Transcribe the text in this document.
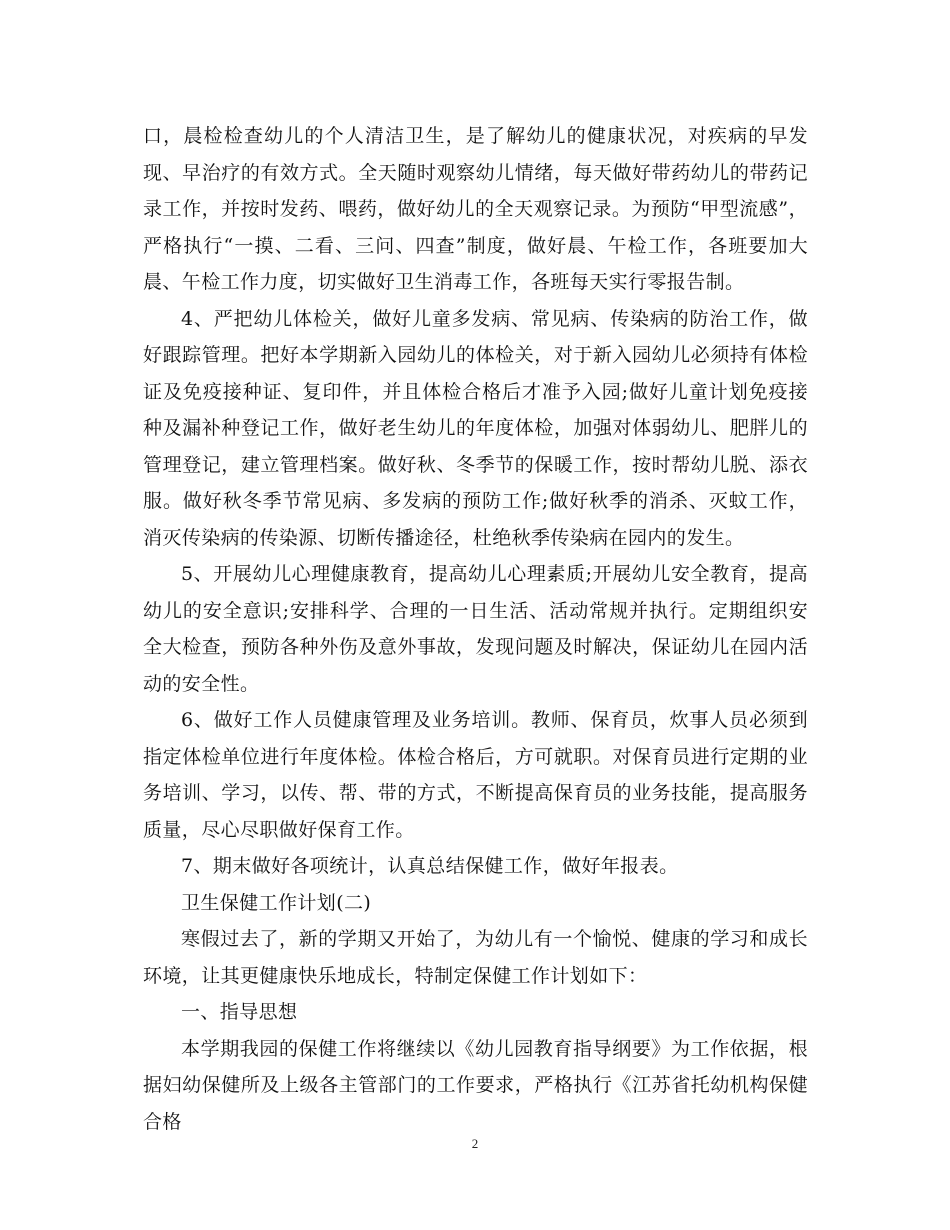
口，晨检检查幼儿的个人清洁卫生，是了解幼儿的健康状况，对疾病的早发现、早治疗的有效方式。全天随时观察幼儿情绪，每天做好带药幼儿的带药记录工作，并按时发药、喂药，做好幼儿的全天观察记录。为预防“甲型流感”，严格执行“一摸、二看、三问、四查”制度，做好晨、午检工作，各班要加大晨、午检工作力度，切实做好卫生消毒工作，各班每天实行零报告制。

4、严把幼儿体检关，做好儿童多发病、常见病、传染病的防治工作，做好跟踪管理。把好本学期新入园幼儿的体检关，对于新入园幼儿必须持有体检证及免疫接种证、复印件，并且体检合格后才准予入园;做好儿童计划免疫接种及漏补种登记工作，做好老生幼儿的年度体检，加强对体弱幼儿、肥胖儿的管理登记，建立管理档案。做好秋、冬季节的保暖工作，按时帮幼儿脱、添衣服。做好秋冬季节常见病、多发病的预防工作;做好秋季的消杀、灭蚊工作，消灭传染病的传染源、切断传播途径，杜绝秋季传染病在园内的发生。

5、开展幼儿心理健康教育，提高幼儿心理素质;开展幼儿安全教育，提高幼儿的安全意识;安排科学、合理的一日生活、活动常规并执行。定期组织安全大检查，预防各种外伤及意外事故，发现问题及时解决，保证幼儿在园内活动的安全性。

6、做好工作人员健康管理及业务培训。教师、保育员，炊事人员必须到指定体检单位进行年度体检。体检合格后，方可就职。对保育员进行定期的业务培训、学习，以传、帮、带的方式，不断提高保育员的业务技能，提高服务质量，尽心尽职做好保育工作。

7、期末做好各项统计，认真总结保健工作，做好年报表。

卫生保健工作计划(二)

寒假过去了，新的学期又开始了，为幼儿有一个愉悦、健康的学习和成长环境，让其更健康快乐地成长，特制定保健工作计划如下：

一、指导思想

本学期我园的保健工作将继续以《幼儿园教育指导纲要》为工作依据，根据妇幼保健所及上级各主管部门的工作要求，严格执行《江苏省托幼机构保健合格

2
